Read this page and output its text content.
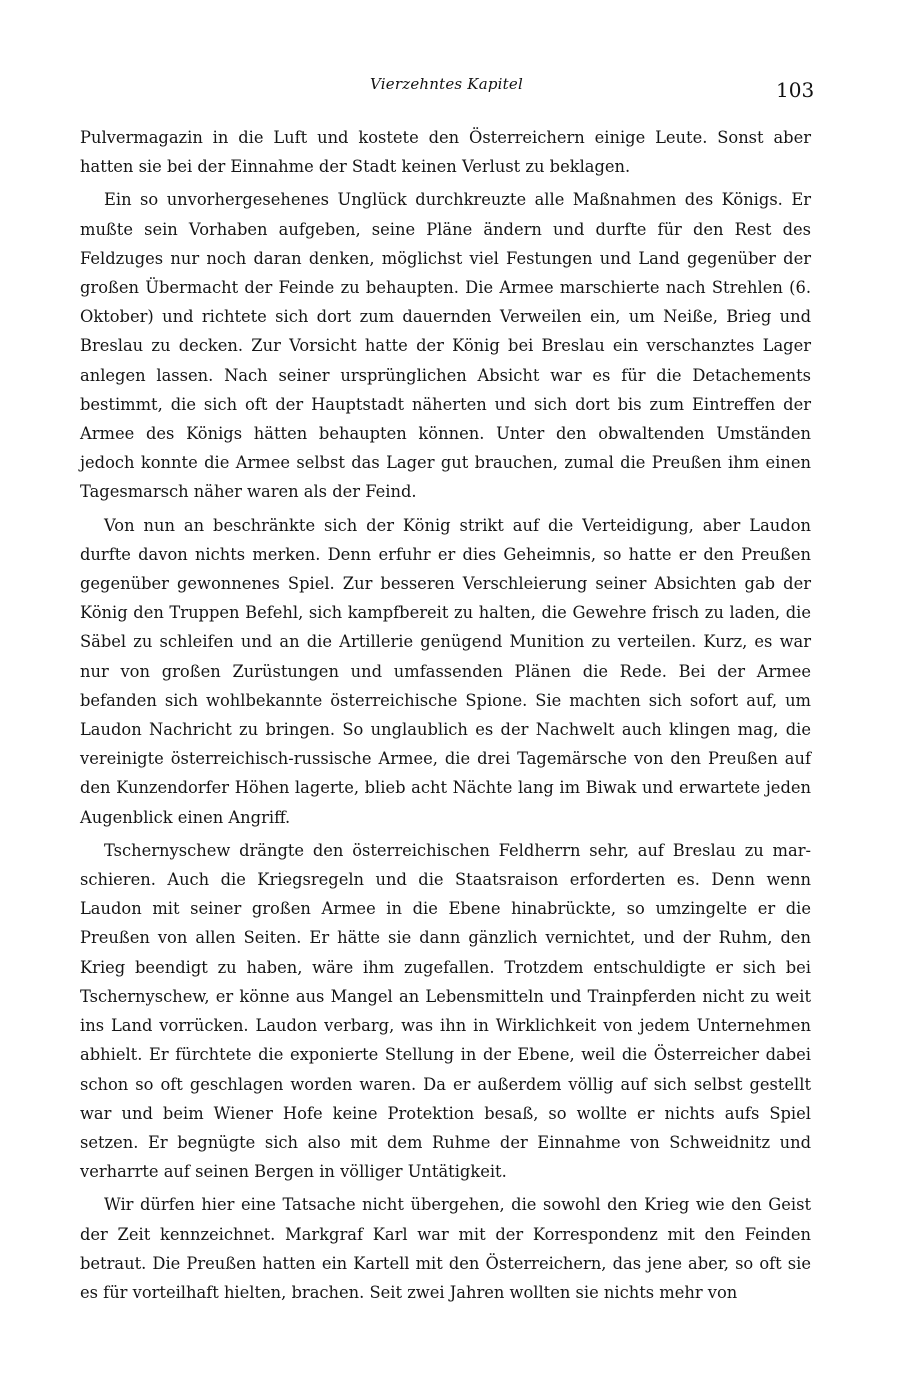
Vierzehntes Kapitel	103

Pulvermagazin in die Luft und kostete den Österreichern einige Leute. Sonst aber hatten sie bei der Einnahme der Stadt keinen Verlust zu beklagen.

Ein so unvorhergesehenes Unglück durchkreuzte alle Maßnahmen des Königs. Er mußte sein Vorhaben aufgeben, seine Pläne ändern und durfte für den Rest des Feldzuges nur noch daran denken, möglichst viel Festungen und Land gegenüber der großen Übermacht der Feinde zu behaupten. Die Armee marschierte nach Strehlen (6. Oktober) und richtete sich dort zum dauernden Verweilen ein, um Neiße, Brieg und Breslau zu decken. Zur Vorsicht hatte der König bei Breslau ein verschanztes Lager anlegen lassen. Nach seiner ursprünglichen Absicht war es für die Detachements bestimmt, die sich oft der Hauptstadt näherten und sich dort bis zum Eintreffen der Armee des Königs hätten behaupten können. Unter den obwaltenden Umständen jedoch konnte die Armee selbst das Lager gut brauchen, zumal die Preußen ihm einen Tagesmarsch näher waren als der Feind.

Von nun an beschränkte sich der König strikt auf die Verteidigung, aber Laudon durfte davon nichts merken. Denn erfuhr er dies Geheimnis, so hatte er den Preußen gegenüber gewonnenes Spiel. Zur besseren Verschleierung seiner Absichten gab der König den Truppen Befehl, sich kampfbereit zu halten, die Gewehre frisch zu laden, die Säbel zu schleifen und an die Artillerie genügend Munition zu verteilen. Kurz, es war nur von großen Zurüstungen und umfassenden Plänen die Rede. Bei der Armee befanden sich wohlbekannte österreichische Spione. Sie machten sich sofort auf, um Laudon Nachricht zu bringen. So unglaublich es der Nachwelt auch klingen mag, die vereinigte österreichisch-russische Armee, die drei Tagemärsche von den Preußen auf den Kunzendorfer Höhen lagerte, blieb acht Nächte lang im Biwak und erwartete jeden Augenblick einen Angriff.

Tschernyschew drängte den österreichischen Feldherrn sehr, auf Breslau zu marschieren. Auch die Kriegsregeln und die Staatsraison erforderten es. Denn wenn Laudon mit seiner großen Armee in die Ebene hinabrückte, so umzingelte er die Preußen von allen Seiten. Er hätte sie dann gänzlich vernichtet, und der Ruhm, den Krieg beendigt zu haben, wäre ihm zugefallen. Trotzdem entschuldigte er sich bei Tschernyschew, er könne aus Mangel an Lebensmitteln und Trainpferden nicht zu weit ins Land vorrücken. Laudon verbarg, was ihn in Wirklichkeit von jedem Unternehmen abhielt. Er fürchtete die exponierte Stellung in der Ebene, weil die Österreicher dabei schon so oft geschlagen worden waren. Da er außerdem völlig auf sich selbst gestellt war und beim Wiener Hofe keine Protektion besaß, so wollte er nichts aufs Spiel setzen. Er begnügte sich also mit dem Ruhme der Einnahme von Schweidnitz und verharrte auf seinen Bergen in völliger Untätigkeit.

Wir dürfen hier eine Tatsache nicht übergehen, die sowohl den Krieg wie den Geist der Zeit kennzeichnet. Markgraf Karl war mit der Korrespondenz mit den Feinden betraut. Die Preußen hatten ein Kartell mit den Österreichern, das jene aber, so oft sie es für vorteilhaft hielten, brachen. Seit zwei Jahren wollten sie nichts mehr von
